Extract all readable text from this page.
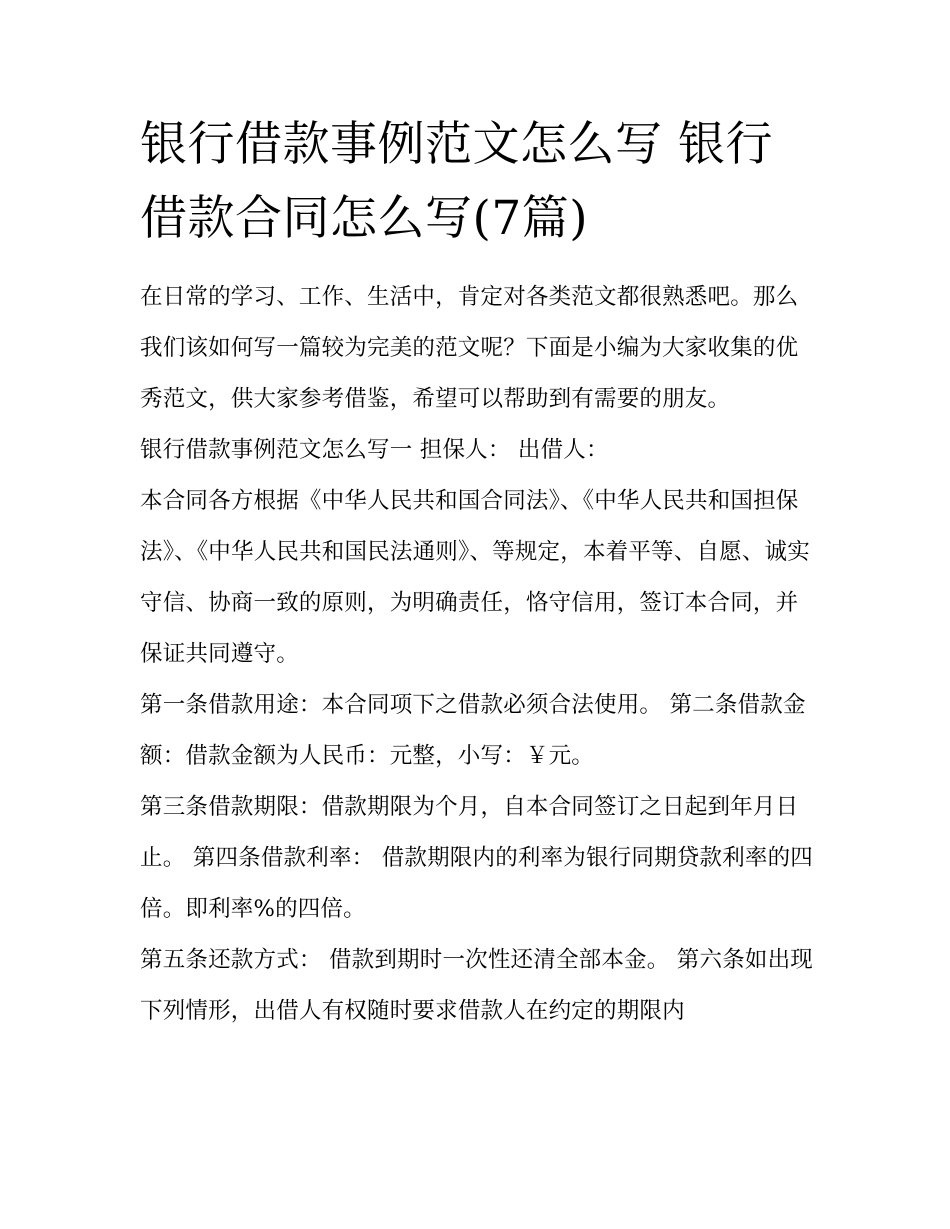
银行借款事例范文怎么写 银行借款合同怎么写(7篇)

在日常的学习、工作、生活中，肯定对各类范文都很熟悉吧。那么我们该如何写一篇较为完美的范文呢？下面是小编为大家收集的优秀范文，供大家参考借鉴，希望可以帮助到有需要的朋友。

银行借款事例范文怎么写一 担保人： 出借人：

本合同各方根据《中华人民共和国合同法》、《中华人民共和国担保法》、《中华人民共和国民法通则》、等规定，本着平等、自愿、诚实守信、协商一致的原则，为明确责任，恪守信用，签订本合同，并保证共同遵守。

第一条借款用途：本合同项下之借款必须合法使用。 第二条借款金额：借款金额为人民币：元整，小写：￥元。

第三条借款期限：借款期限为个月，自本合同签订之日起到年月日止。 第四条借款利率： 借款期限内的利率为银行同期贷款利率的四倍。即利率%的四倍。

第五条还款方式： 借款到期时一次性还清全部本金。 第六条如出现下列情形，出借人有权随时要求借款人在约定的期限内
